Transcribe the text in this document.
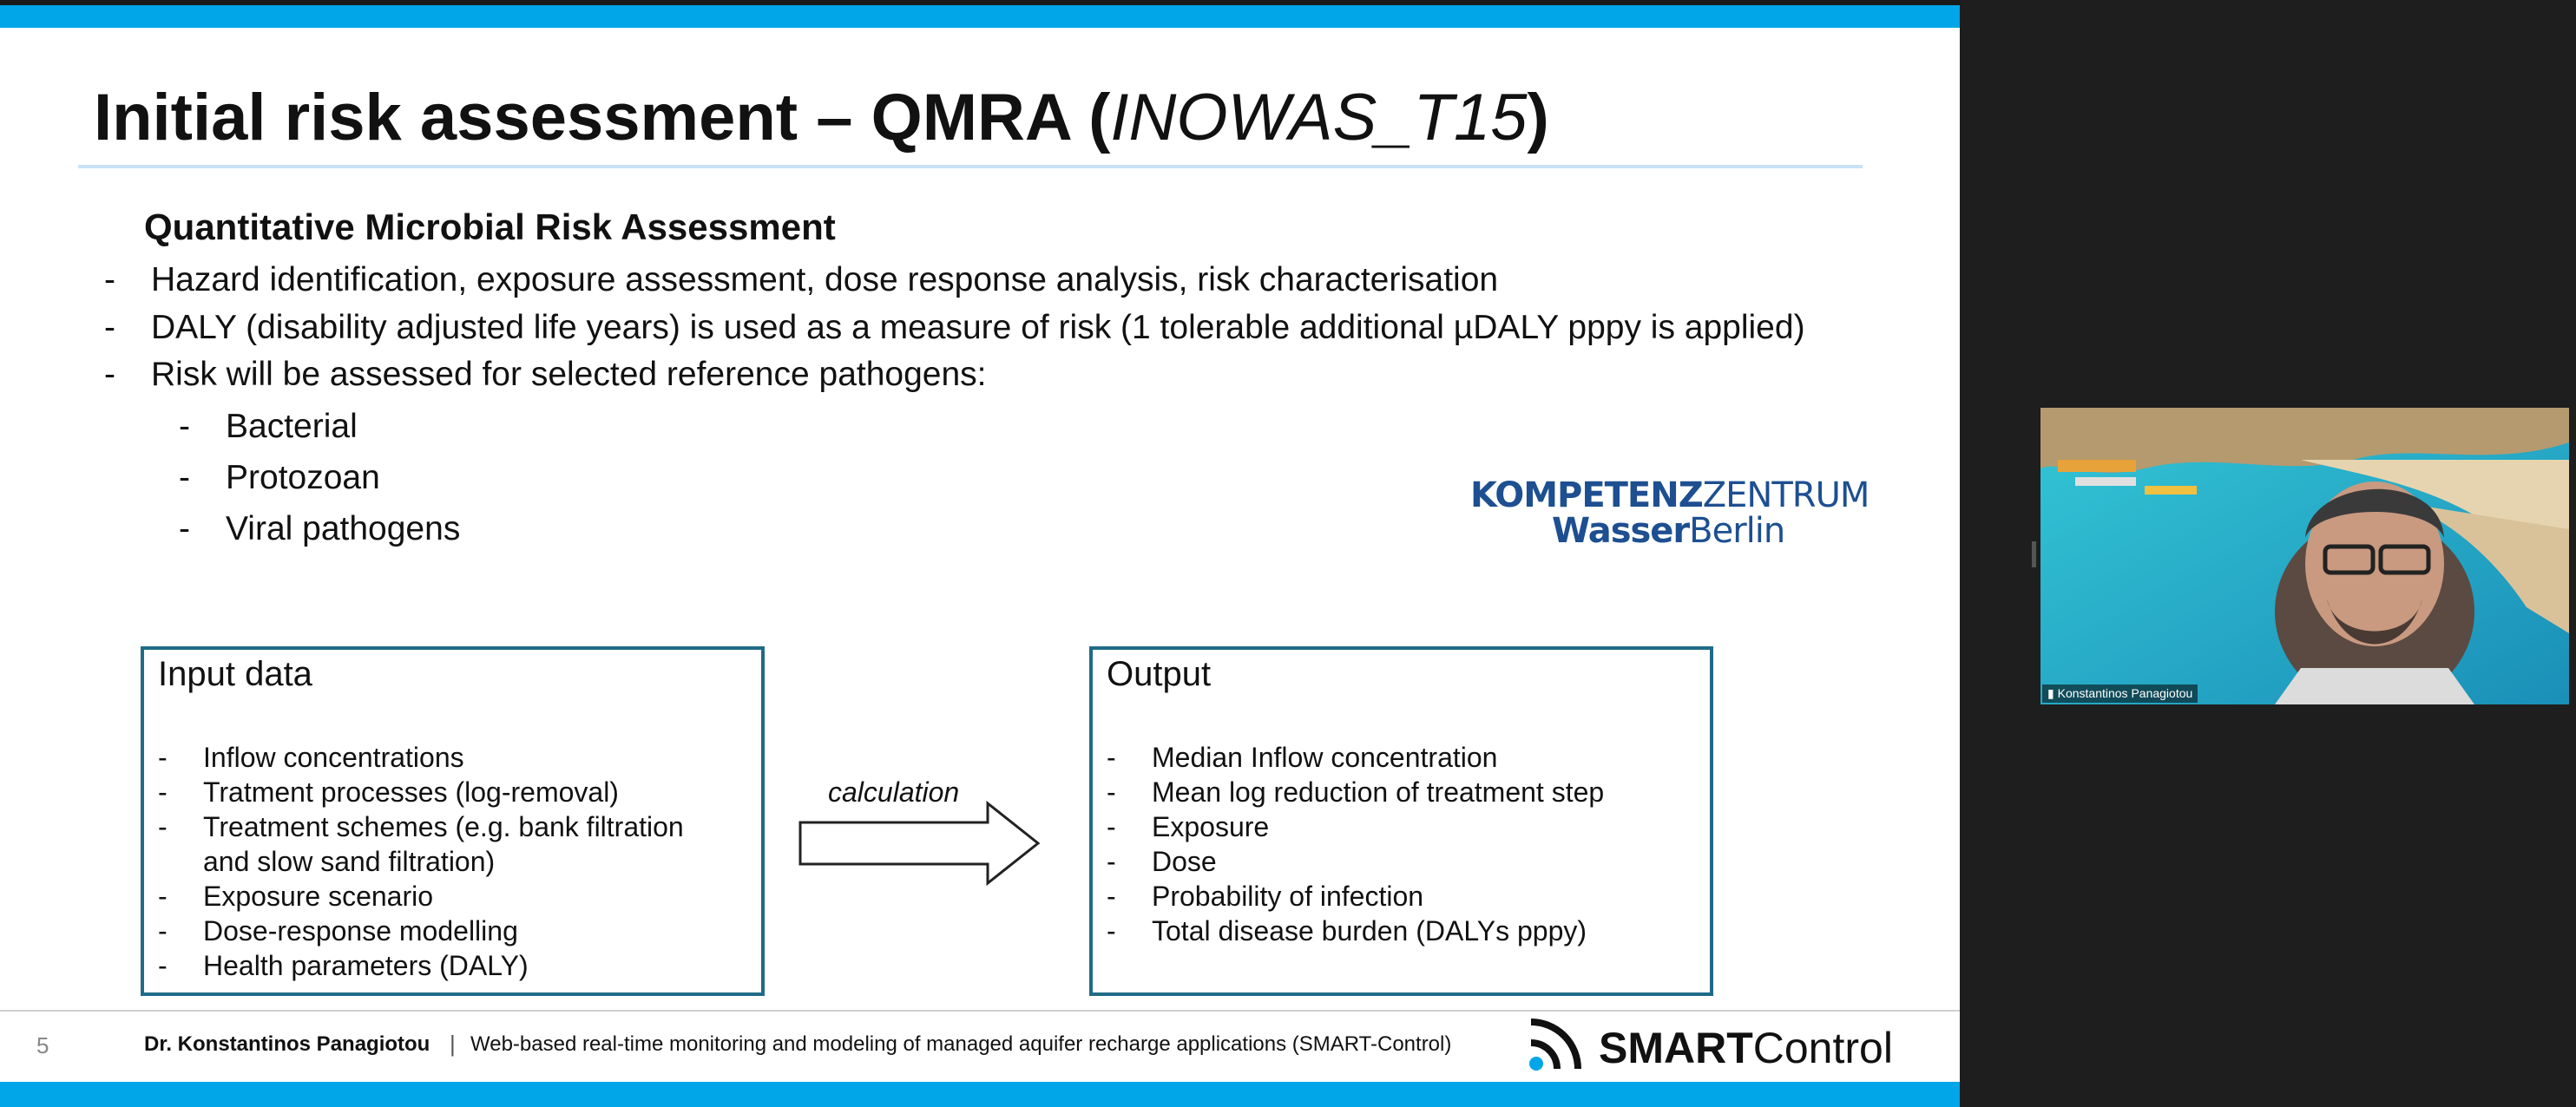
Initial risk assessment – QMRA (INOWAS_T15)
Quantitative Microbial Risk Assessment
- Hazard identification, exposure assessment, dose response analysis, risk characterisation
- DALY (disability adjusted life years) is used as a measure of risk (1 tolerable additional µDALY pppy is applied)
- Risk will be assessed for selected reference pathogens:
- Bacterial
- Protozoan
- Viral pathogens
KOMPETENZZENTRUM
WasserBerlin
Input data
- Inflow concentrations
- Tratment processes (log-removal)
- Treatment schemes (e.g. bank filtration
and slow sand filtration)
- Exposure scenario
- Dose-response modelling
- Health parameters (DALY)
calculation
Output
- Median Inflow concentration
- Mean log reduction of treatment step
- Exposure
- Dose
- Probability of infection
- Total disease burden (DALYs pppy)
5	Dr. Konstantinos Panagiotou | Web-based real-time monitoring and modeling of managed aquifer recharge applications (SMART-Control)	SMARTControl
▮ Konstantinos Panagiotou
